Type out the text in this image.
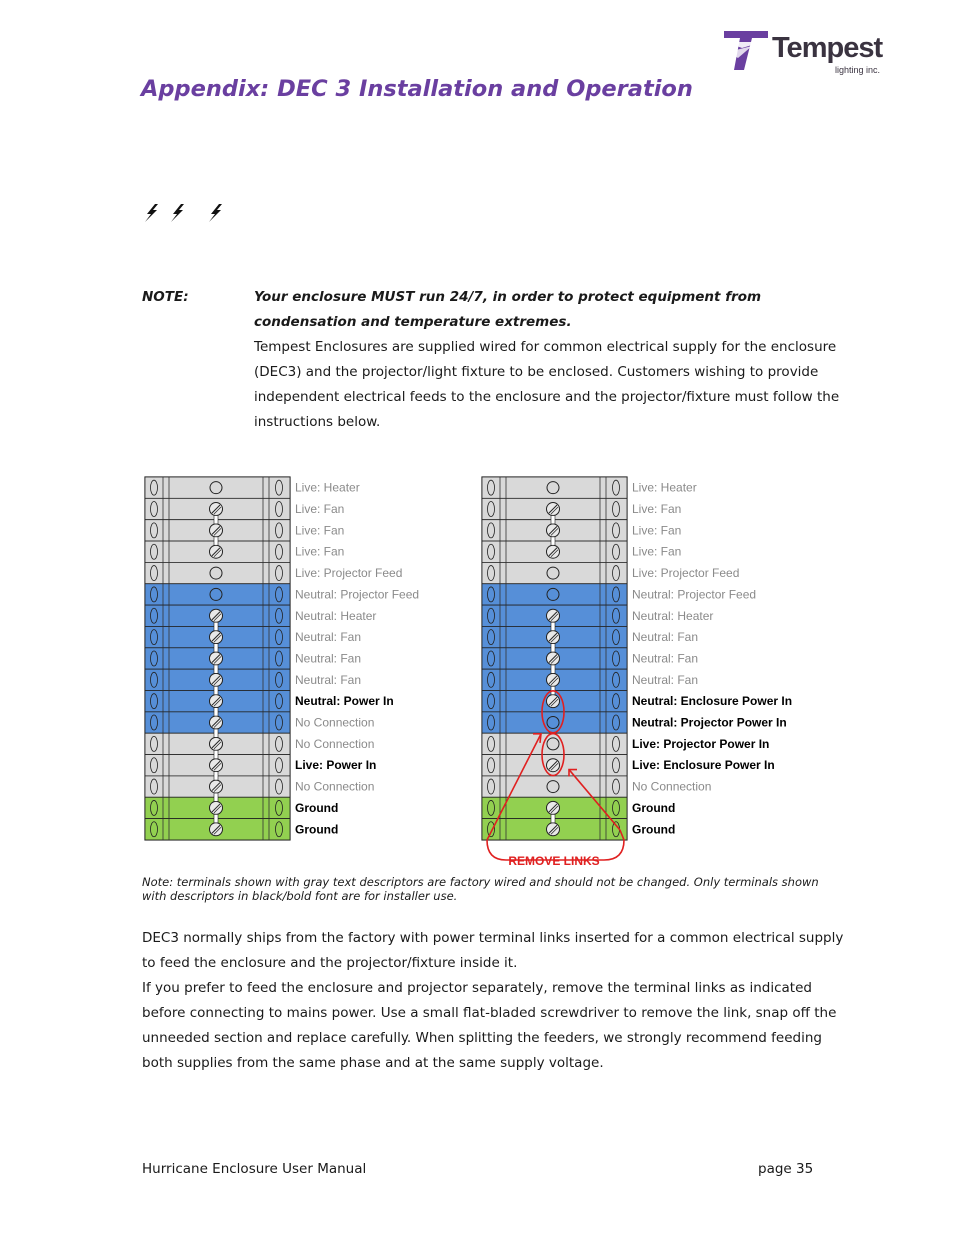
Tempest
lighting inc.
Appendix: DEC 3 Installation and Operation
NOTE:	Your enclosure MUST run 24/7, in order to protect equipment from condensation and temperature extremes.

Tempest Enclosures are supplied wired for common electrical supply for the enclosure (DEC3) and the projector/light fixture to be enclosed. Customers wishing to provide independent electrical feeds to the enclosure and the projector/fixture must follow the instructions below.

Live: Heater
Live: Fan
Live: Fan
Live: Fan
Live: Projector Feed
Neutral: Projector Feed
Neutral: Heater
Neutral: Fan
Neutral: Fan
Neutral: Fan
Neutral: Power In
No Connection
No Connection
Live: Power In
No Connection
Ground
Ground
Live: Heater
Live: Fan
Live: Fan
Live: Fan
Live: Projector Feed
Neutral: Projector Feed
Neutral: Heater
Neutral: Fan
Neutral: Fan
Neutral: Fan
Neutral: Enclosure Power In
Neutral: Projector Power In
Live: Projector Power In
Live: Enclosure Power In
No Connection
Ground
Ground
REMOVE LINKS
Note: terminals shown with gray text descriptors are factory wired and should not be changed. Only terminals shown with descriptors in black/bold font are for installer use.

DEC3 normally ships from the factory with power terminal links inserted for a common electrical supply to feed the enclosure and the projector/fixture inside it.

If you prefer to feed the enclosure and projector separately, remove the terminal links as indicated before connecting to mains power. Use a small flat-bladed screwdriver to remove the link, snap off the unneeded section and replace carefully. When splitting the feeders, we strongly recommend feeding both supplies from the same phase and at the same supply voltage.

Hurricane Enclosure User Manual	page 35
